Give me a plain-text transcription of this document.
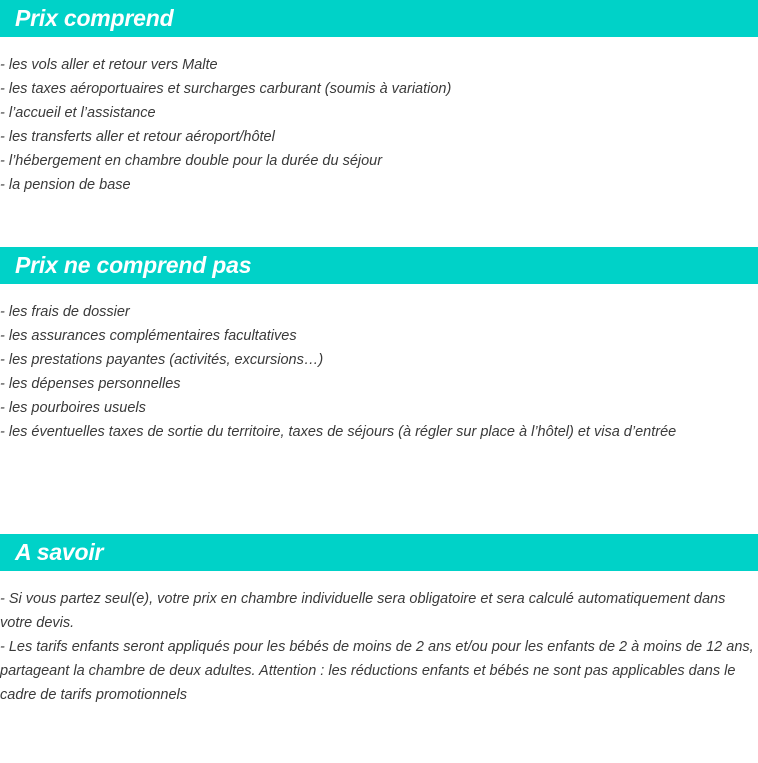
Prix comprend
- les vols aller et retour vers Malte
- les taxes aéroportuaires et surcharges carburant (soumis à variation)
- l’accueil et l’assistance
- les transferts aller et retour aéroport/hôtel
- l’hébergement en chambre double pour la durée du séjour
- la pension de base
Prix ne comprend pas
- les frais de dossier
- les assurances complémentaires facultatives
- les prestations payantes (activités, excursions…)
- les dépenses personnelles
- les pourboires usuels
- les éventuelles taxes de sortie du territoire, taxes de séjours (à régler sur place à l’hôtel) et visa d’entrée
A savoir
- Si vous partez seul(e), votre prix en chambre individuelle sera obligatoire et sera calculé automatiquement dans votre devis.
- Les tarifs enfants seront appliqués pour les bébés de moins de 2 ans et/ou pour les enfants de 2 à moins de 12 ans, partageant la chambre de deux adultes. Attention : les réductions enfants et bébés ne sont pas applicables dans le cadre de tarifs promotionnels
